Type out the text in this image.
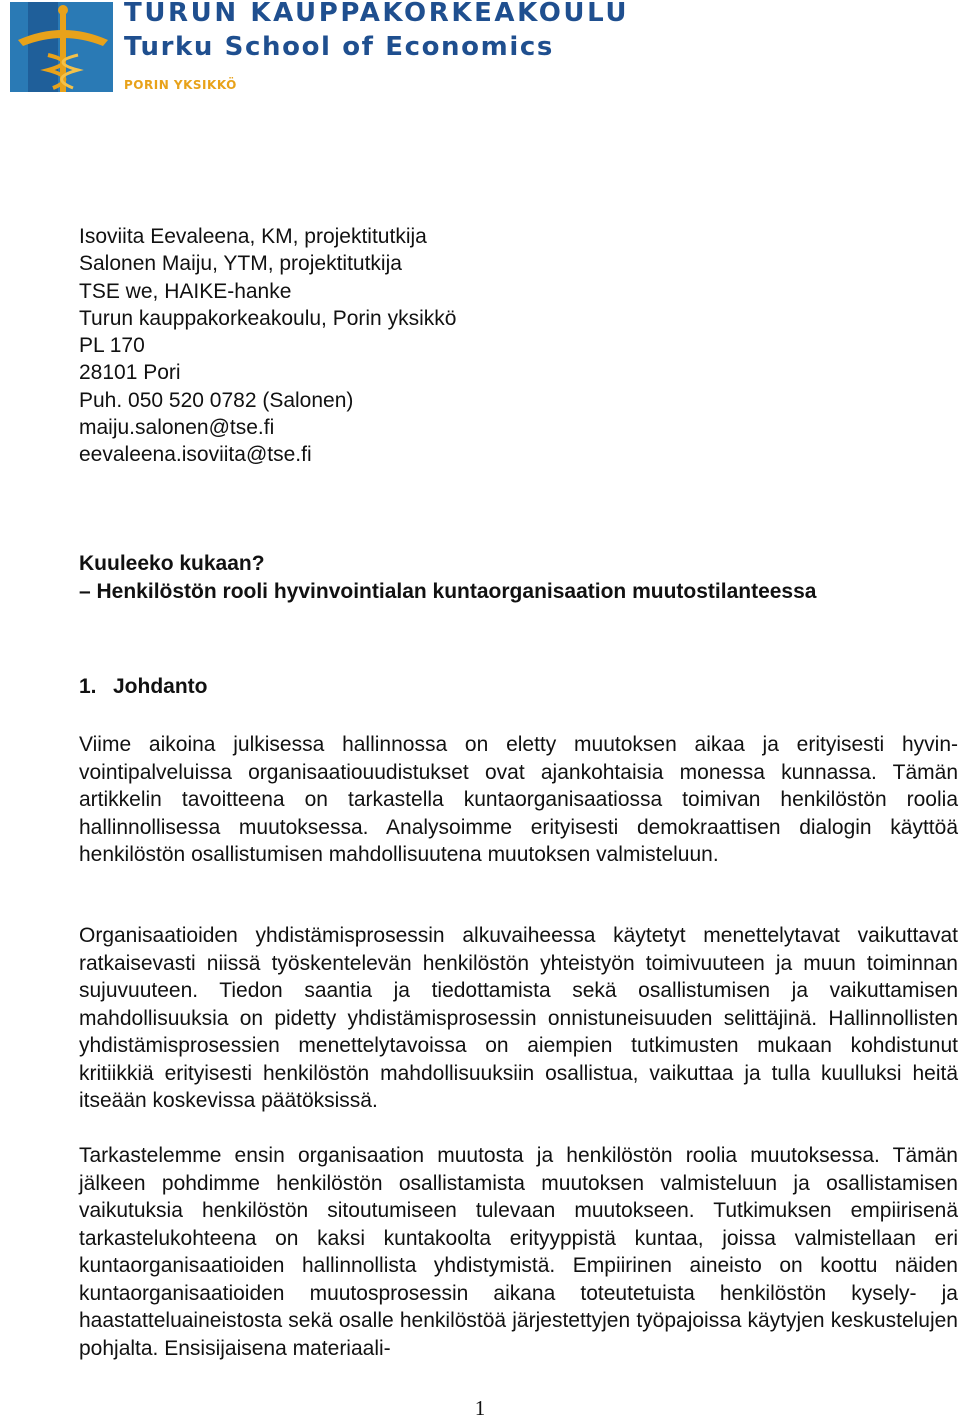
TURUN KAUPPAKORKEAKOULU
Turku School of Economics
PORIN YKSIKKÖ
Isoviita Eevaleena, KM, projektitutkija
Salonen Maiju, YTM, projektitutkija
TSE we, HAIKE-hanke
Turun kauppakorkeakoulu, Porin yksikkö
PL 170
28101 Pori
Puh. 050 520 0782 (Salonen)
maiju.salonen@tse.fi
eevaleena.isoviita@tse.fi
Kuuleeko kukaan?
– Henkilöstön rooli hyvinvointialan kuntaorganisaation muutostilanteessa
1. Johdanto
Viime aikoina julkisessa hallinnossa on eletty muutoksen aikaa ja erityisesti hyvinvointipalveluissa organisaatiouudistukset ovat ajankohtaisia monessa kunnassa. Tämän artikkelin tavoitteena on tarkastella kuntaorganisaatiossa toimivan henkilöstön roolia hallinnollisessa muutoksessa. Analysoimme erityisesti demokraattisen dialogin käyttöä henkilöstön osallistumisen mahdollisuutena muutoksen valmisteluun.
Organisaatioiden yhdistämisprosessin alkuvaiheessa käytetyt menettelytavat vaikuttavat ratkaisevasti niissä työskentelevän henkilöstön yhteistyön toimivuuteen ja muun toiminnan sujuvuuteen. Tiedon saantia ja tiedottamista sekä osallistumisen ja vaikuttamisen mahdollisuuksia on pidetty yhdistämisprosessin onnistuneisuuden selittäjinä. Hallinnollisten yhdistämisprosessien menettelytavoissa on aiempien tutkimusten mukaan kohdistunut kritiikkiä erityisesti henkilöstön mahdollisuuksiin osallistua, vaikuttaa ja tulla kuulluksi heitä itseään koskevissa päätöksissä.
Tarkastelemme ensin organisaation muutosta ja henkilöstön roolia muutoksessa. Tämän jälkeen pohdimme henkilöstön osallistamista muutoksen valmisteluun ja osallistamisen vaikutuksia henkilöstön sitoutumiseen tulevaan muutokseen. Tutkimuksen empiirisenä tarkastelukohteena on kaksi kuntakoolta erityyppistä kuntaa, joissa valmistellaan eri kuntaorganisaatioiden hallinnollista yhdistymistä. Empiirinen aineisto on koottu näiden kuntaorganisaatioiden muutosprosessin aikana toteutetuista henkilöstön kysely- ja haastatteluaineistosta sekä osalle henkilöstöä järjestettyjen työpajoissa käytyjen keskustelujen pohjalta. Ensisijaisena materiaali-
1
